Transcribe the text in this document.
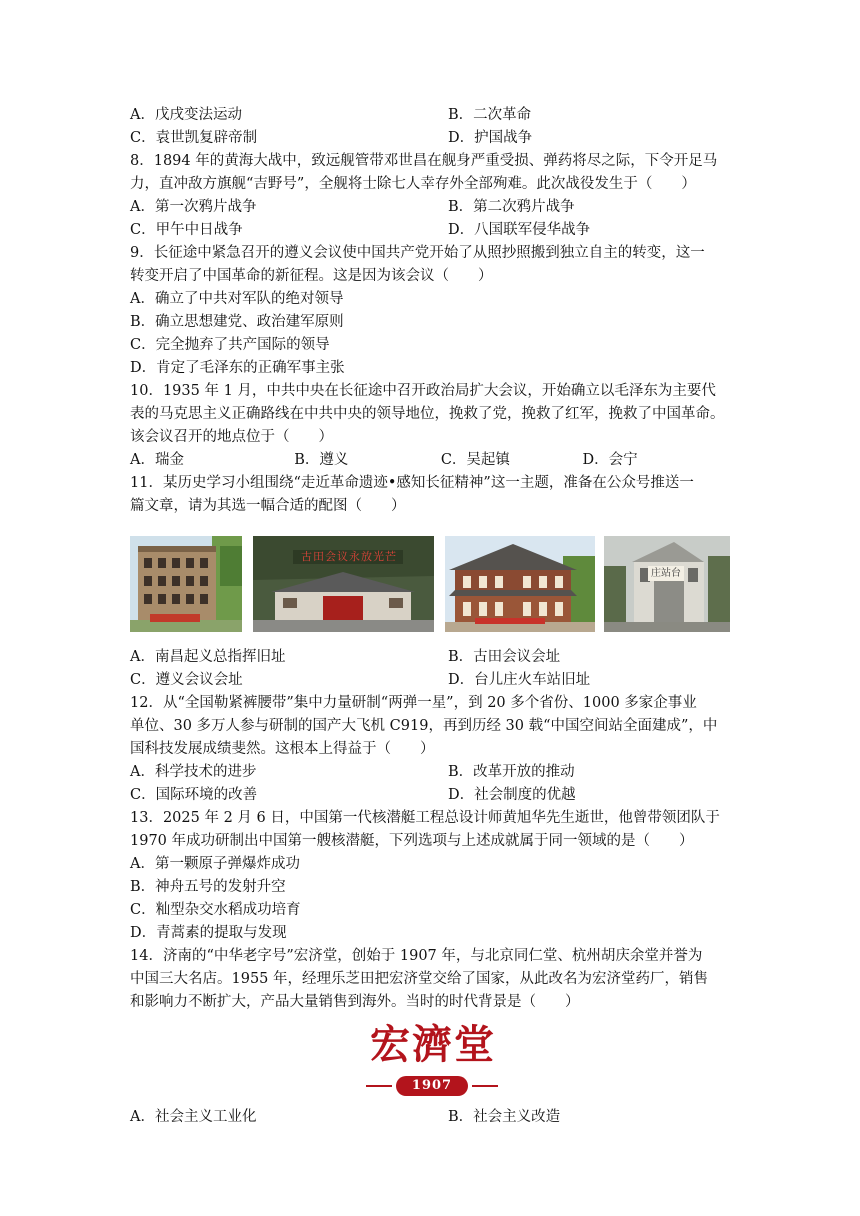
A．戊戌变法运动	B．二次革命
C．袁世凯复辟帝制	D．护国战争
8．1894 年的黄海大战中，致远舰管带邓世昌在舰身严重受损、弹药将尽之际，下令开足马
力，直冲敌方旗舰“吉野号”，全舰将士除七人幸存外全部殉难。此次战役发生于（　　）
A．第一次鸦片战争	B．第二次鸦片战争
C．甲午中日战争	D．八国联军侵华战争
9．长征途中紧急召开的遵义会议使中国共产党开始了从照抄照搬到独立自主的转变，这一
转变开启了中国革命的新征程。这是因为该会议（　　）
A．确立了中共对军队的绝对领导
B．确立思想建党、政治建军原则
C．完全抛弃了共产国际的领导
D．肯定了毛泽东的正确军事主张
10．1935 年 1 月，中共中央在长征途中召开政治局扩大会议，开始确立以毛泽东为主要代
表的马克思主义正确路线在中共中央的领导地位，挽救了党，挽救了红军，挽救了中国革命。
该会议召开的地点位于（　　）
A．瑞金	B．遵义	C．吴起镇	D．会宁
11．某历史学习小组围绕“走近革命遗迹•感知长征精神”这一主题，准备在公众号推送一
篇文章，请为其选一幅合适的配图（　　）
古田会议永放光芒
庄站台
A．南昌起义总指挥旧址	B．古田会议会址
C．遵义会议会址	D．台儿庄火车站旧址
12．从“全国勒紧裤腰带”集中力量研制“两弹一星”，到 20 多个省份、1000 多家企事业
单位、30 多万人参与研制的国产大飞机 C919，再到历经 30 载“中国空间站全面建成”，中
国科技发展成绩斐然。这根本上得益于（　　）
A．科学技术的进步	B．改革开放的推动
C．国际环境的改善	D．社会制度的优越
13．2025 年 2 月 6 日，中国第一代核潜艇工程总设计师黄旭华先生逝世，他曾带领团队于
1970 年成功研制出中国第一艘核潜艇，下列选项与上述成就属于同一领域的是（　　）
A．第一颗原子弹爆炸成功
B．神舟五号的发射升空
C．籼型杂交水稻成功培育
D．青蒿素的提取与发现
14．济南的“中华老字号”宏济堂，创始于 1907 年，与北京同仁堂、杭州胡庆余堂并誉为
中国三大名店。1955 年，经理乐芝田把宏济堂交给了国家，从此改名为宏济堂药厂，销售
和影响力不断扩大，产品大量销售到海外。当时的时代背景是（　　）
宏濟堂
1907
A．社会主义工业化	B．社会主义改造
